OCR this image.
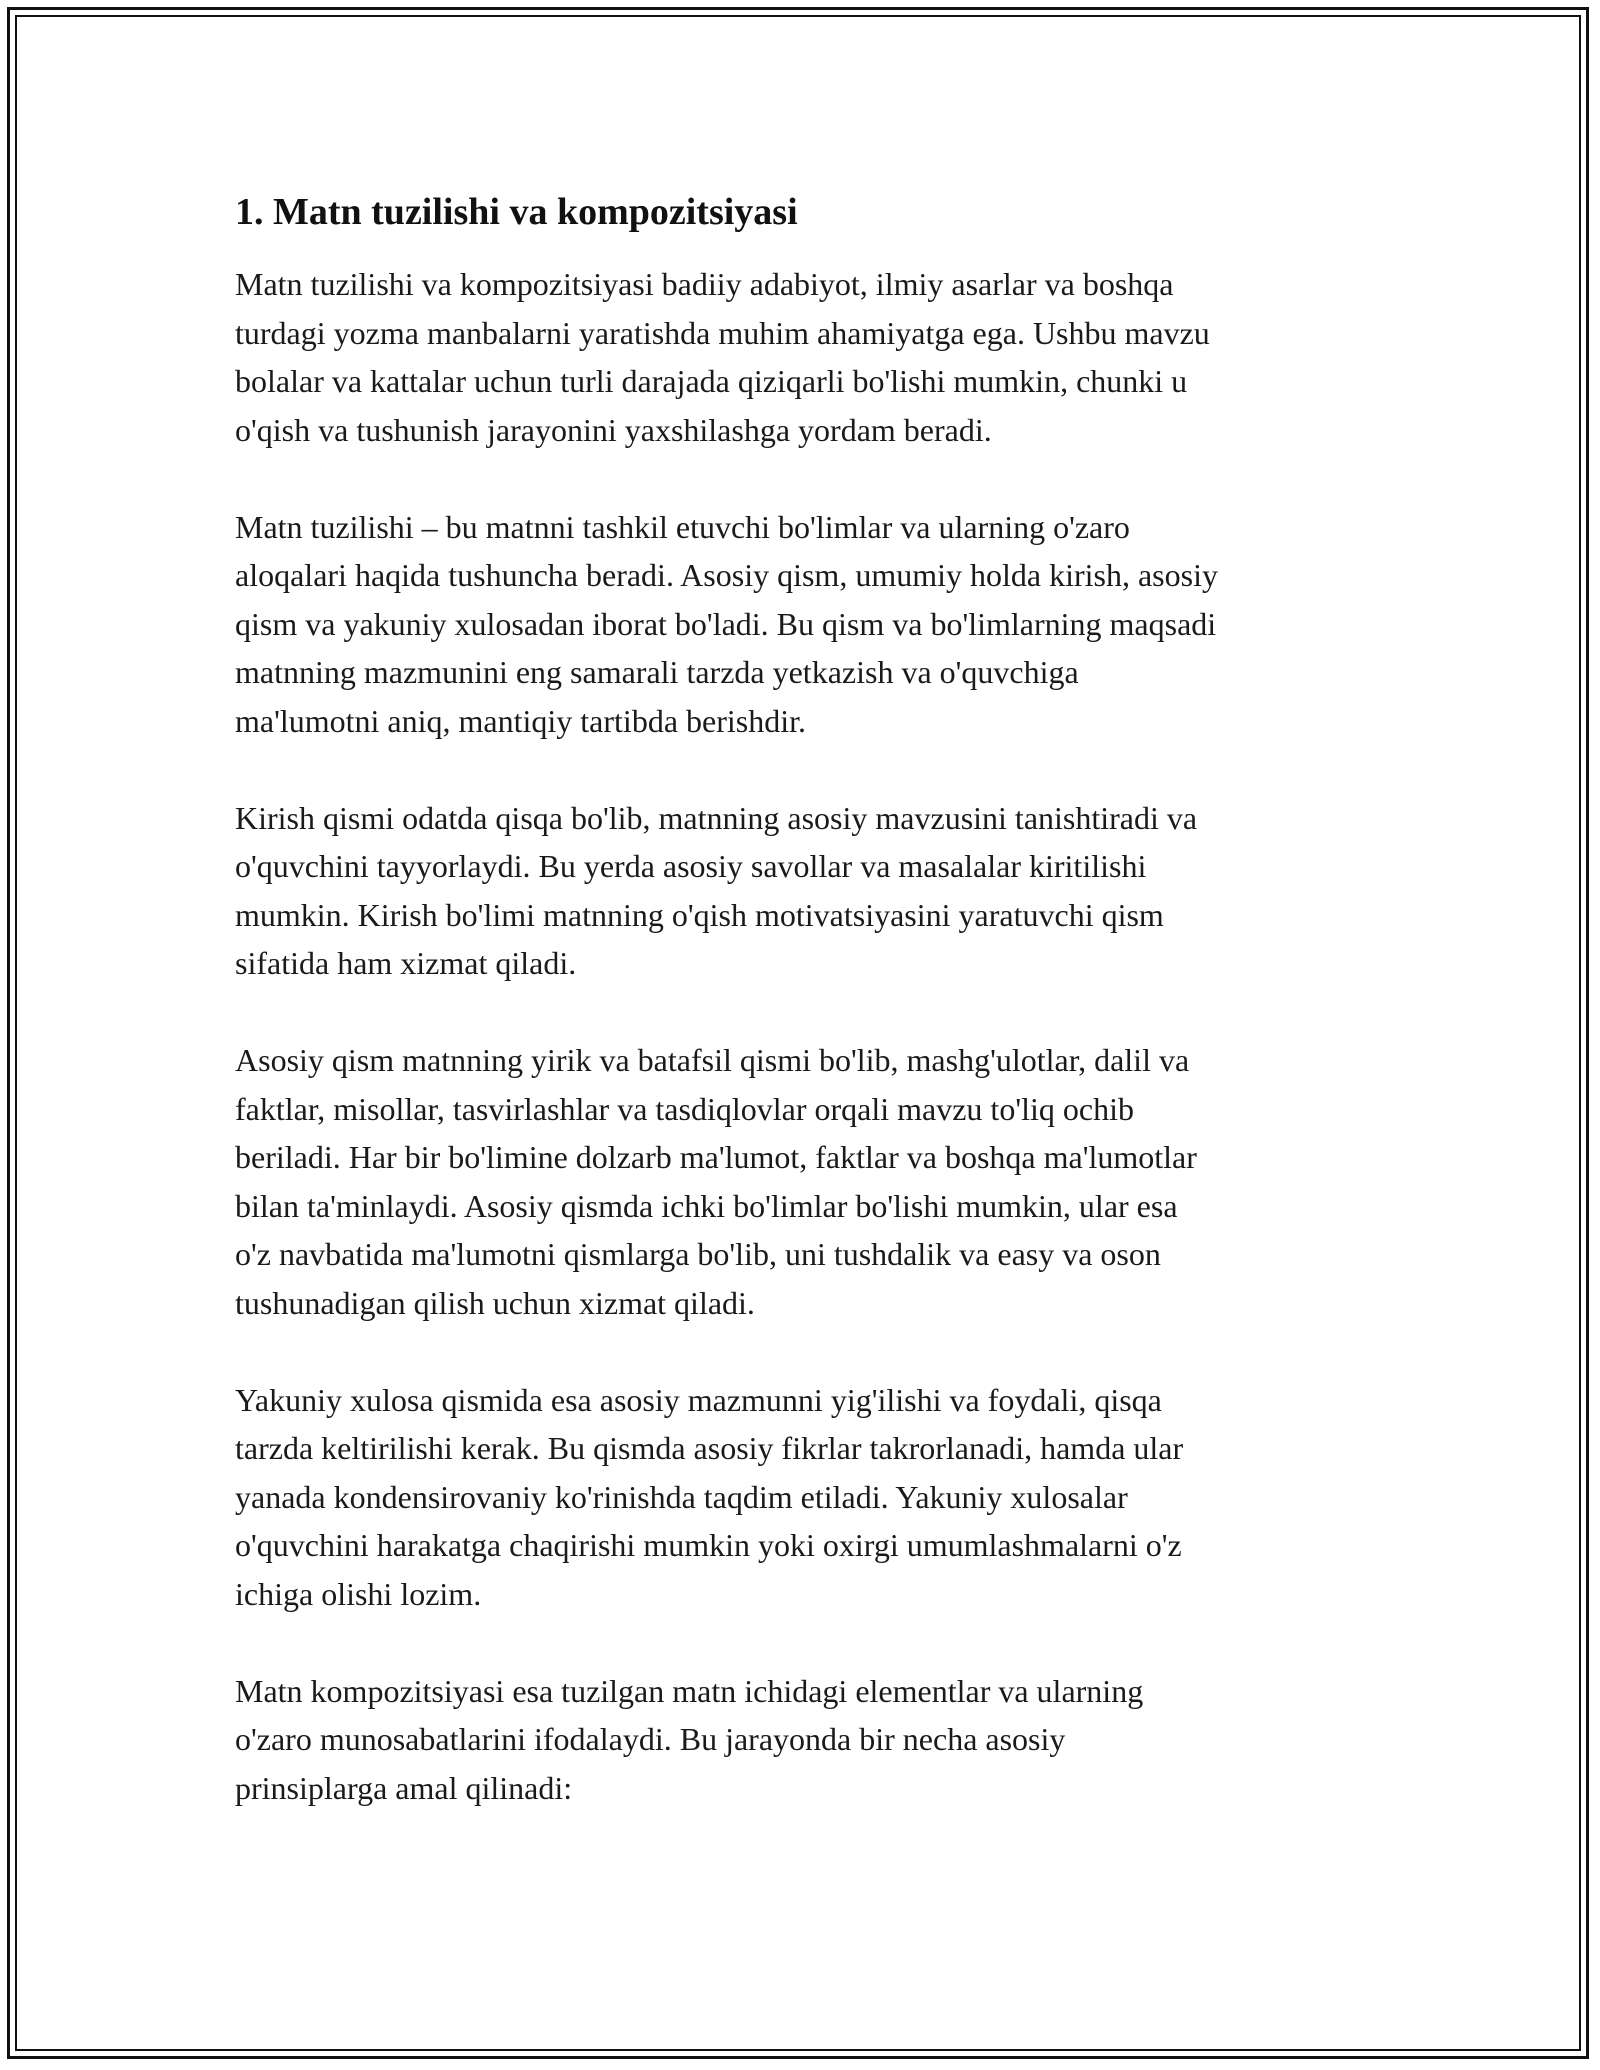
1. Matn tuzilishi va kompozitsiyasi

Matn tuzilishi va kompozitsiyasi badiiy adabiyot, ilmiy asarlar va boshqa
turdagi yozma manbalarni yaratishda muhim ahamiyatga ega. Ushbu mavzu
bolalar va kattalar uchun turli darajada qiziqarli bo'lishi mumkin, chunki u
o'qish va tushunish jarayonini yaxshilashga yordam beradi.

Matn tuzilishi – bu matnni tashkil etuvchi bo'limlar va ularning o'zaro
aloqalari haqida tushuncha beradi. Asosiy qism, umumiy holda kirish, asosiy
qism va yakuniy xulosadan iborat bo'ladi. Bu qism va bo'limlarning maqsadi
matnning mazmunini eng samarali tarzda yetkazish va o'quvchiga
ma'lumotni aniq, mantiqiy tartibda berishdir.

Kirish qismi odatda qisqa bo'lib, matnning asosiy mavzusini tanishtiradi va
o'quvchini tayyorlaydi. Bu yerda asosiy savollar va masalalar kiritilishi
mumkin. Kirish bo'limi matnning o'qish motivatsiyasini yaratuvchi qism
sifatida ham xizmat qiladi.

Asosiy qism matnning yirik va batafsil qismi bo'lib, mashg'ulotlar, dalil va
faktlar, misollar, tasvirlashlar va tasdiqlovlar orqali mavzu to'liq ochib
beriladi. Har bir bo'limine dolzarb ma'lumot, faktlar va boshqa ma'lumotlar
bilan ta'minlaydi. Asosiy qismda ichki bo'limlar bo'lishi mumkin, ular esa
o'z navbatida ma'lumotni qismlarga bo'lib, uni tushdalik va easy va oson
tushunadigan qilish uchun xizmat qiladi.

Yakuniy xulosa qismida esa asosiy mazmunni yig'ilishi va foydali, qisqa
tarzda keltirilishi kerak. Bu qismda asosiy fikrlar takrorlanadi, hamda ular
yanada kondensirovaniy ko'rinishda taqdim etiladi. Yakuniy xulosalar
o'quvchini harakatga chaqirishi mumkin yoki oxirgi umumlashmalarni o'z
ichiga olishi lozim.

Matn kompozitsiyasi esa tuzilgan matn ichidagi elementlar va ularning
o'zaro munosabatlarini ifodalaydi. Bu jarayonda bir necha asosiy
prinsiplarga amal qilinadi:
